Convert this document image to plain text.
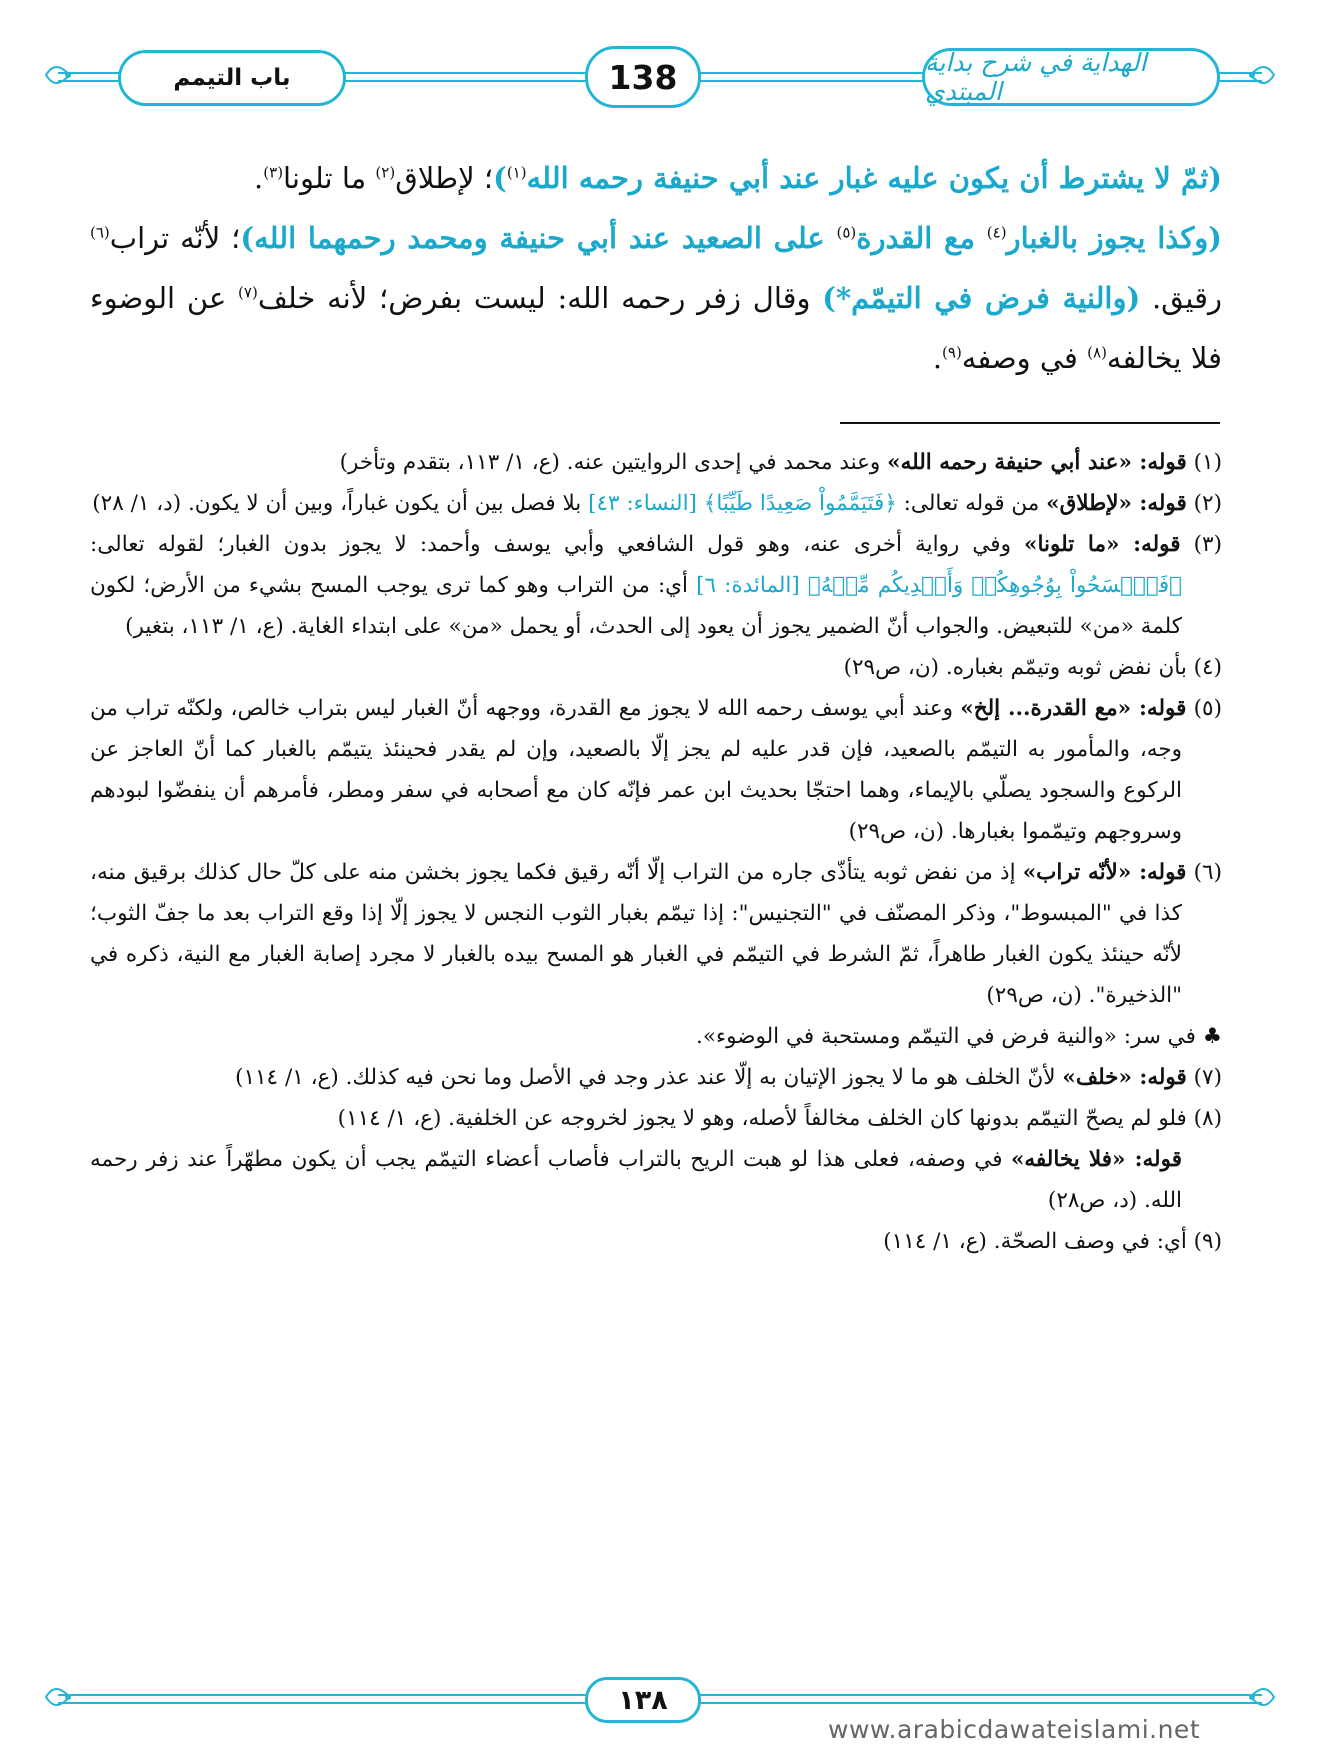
الهداية في شرح بداية المبتدي
138
باب التيمم

(ثمّ لا يشترط أن يكون عليه غبار عند أبي حنيفة رحمه الله$^{(١)}$)؛ لإطلاق$^{(٢)}$ ما تلونا$^{(٣)}$.

(وكذا يجوز بالغبار$^{(٤)}$ مع القدرة$^{(٥)}$ على الصعيد عند أبي حنيفة ومحمد رحمهما الله)؛ لأنّه تراب$^{(٦)}$ رقيق. (والنية فرض في التيمّم*) وقال زفر رحمه الله: ليست بفرض؛ لأنه خلف$^{(٧)}$ عن الوضوء فلا يخالفه$^{(٨)}$ في وصفه$^{(٩)}$.

(١) قوله: «عند أبي حنيفة رحمه الله» وعند محمد في إحدى الروايتين عنه. (ع، ١/ ١١٣، بتقدم وتأخر)

(٢) قوله: «لإطلاق» من قوله تعالى: ﴿فَتَيَمَّمُواْ صَعِيدًا طَيِّبًا﴾ [النساء: ٤٣] بلا فصل بين أن يكون غباراً، وبين أن لا يكون. (د، ١/ ٢٨)

(٣) قوله: «ما تلونا» وفي رواية أخرى عنه، وهو قول الشافعي وأبي يوسف وأحمد: لا يجوز بدون الغبار؛ لقوله تعالى: ﴿فَٱمۡسَحُواْ بِوُجُوهِكُمۡ وَأَيۡدِيكُم مِّنۡهُ﴾ [المائدة: ٦] أي: من التراب وهو كما ترى يوجب المسح بشيء من الأرض؛ لكون كلمة «من» للتبعيض. والجواب أنّ الضمير يجوز أن يعود إلى الحدث، أو يحمل «من» على ابتداء الغاية. (ع، ١/ ١١٣، بتغير)

(٤) بأن نفض ثوبه وتيمّم بغباره. (ن، ص٢٩)

(٥) قوله: «مع القدرة... إلخ» وعند أبي يوسف رحمه الله لا يجوز مع القدرة، ووجهه أنّ الغبار ليس بتراب خالص، ولكنّه تراب من وجه، والمأمور به التيمّم بالصعيد، فإن قدر عليه لم يجز إلّا بالصعيد، وإن لم يقدر فحينئذ يتيمّم بالغبار كما أنّ العاجز عن الركوع والسجود يصلّي بالإيماء، وهما احتجّا بحديث ابن عمر فإنّه كان مع أصحابه في سفر ومطر، فأمرهم أن ينفضّوا لبودهم وسروجهم وتيمّموا بغبارها. (ن، ص٢٩)

(٦) قوله: «لأنّه تراب» إذ من نفض ثوبه يتأذّى جاره من التراب إلّا أنّه رقيق فكما يجوز بخشن منه على كلّ حال كذلك برقيق منه، كذا في "المبسوط"، وذكر المصنّف في "التجنيس": إذا تيمّم بغبار الثوب النجس لا يجوز إلّا إذا وقع التراب بعد ما جفّ الثوب؛ لأنّه حينئذ يكون الغبار طاهراً، ثمّ الشرط في التيمّم في الغبار هو المسح بيده بالغبار لا مجرد إصابة الغبار مع النية، ذكره في "الذخيرة". (ن، ص٢٩)

♣ في سر: «والنية فرض في التيمّم ومستحبة في الوضوء».

(٧) قوله: «خلف» لأنّ الخلف هو ما لا يجوز الإتيان به إلّا عند عذر وجد في الأصل وما نحن فيه كذلك. (ع، ١/ ١١٤)

(٨) فلو لم يصحّ التيمّم بدونها كان الخلف مخالفاً لأصله، وهو لا يجوز لخروجه عن الخلفية. (ع، ١/ ١١٤)

قوله: «فلا يخالفه» في وصفه، فعلى هذا لو هبت الريح بالتراب فأصاب أعضاء التيمّم يجب أن يكون مطهّراً عند زفر رحمه الله. (د، ص٢٨)

(٩) أي: في وصف الصحّة. (ع، ١/ ١١٤)

١٣٨
www.arabicdawateislami.net
